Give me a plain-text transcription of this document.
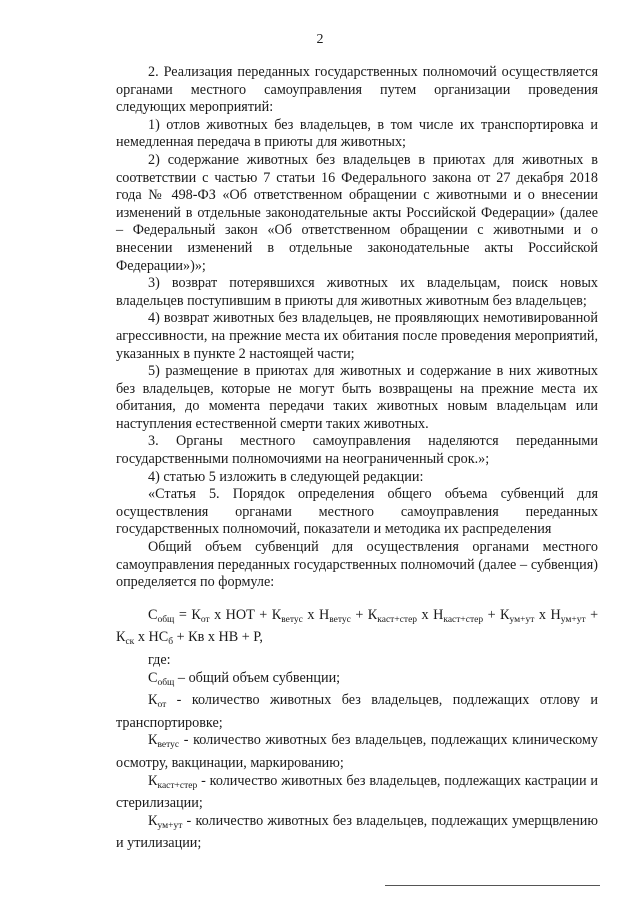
2

2. Реализация переданных государственных полномочий осуществляется органами местного самоуправления путем организации проведения следующих мероприятий:

1) отлов животных без владельцев, в том числе их транспортировка и немедленная передача в приюты для животных;

2) содержание животных без владельцев в приютах для животных в соответствии с частью 7 статьи 16 Федерального закона от 27 декабря 2018 года № 498-ФЗ «Об ответственном обращении с животными и о внесении изменений в отдельные законодательные акты Российской Федерации» (далее – Федеральный закон «Об ответственном обращении с животными и о внесении изменений в отдельные законодательные акты Российской Федерации»)»;

3) возврат потерявшихся животных их владельцам, поиск новых владельцев поступившим в приюты для животных животным без владельцев;

4) возврат животных без владельцев, не проявляющих немотивированной агрессивности, на прежние места их обитания после проведения мероприятий, указанных в пункте 2 настоящей части;

5) размещение в приютах для животных и содержание в них животных без владельцев, которые не могут быть возвращены на прежние места их обитания, до момента передачи таких животных новым владельцам или наступления естественной смерти таких животных.

3. Органы местного самоуправления наделяются переданными государственными полномочиями на неограниченный срок.»;

4) статью 5 изложить в следующей редакции:

«Статья 5. Порядок определения общего объема субвенций для осуществления органами местного самоуправления переданных государственных полномочий, показатели и методика их распределения

Общий объем субвенций для осуществления органами местного самоуправления переданных государственных полномочий (далее – субвенция) определяется по формуле:

$С_{общ} = К_{от}$ х НОТ + $К_{ветус}$ х $Н_{ветус} + К_{каст+стер}$ х $Н_{каст+стер} + К_{ум+ут}$ х $Н_{ум+ут} + К_{ск}$ х $НС_б$ + Кв х НВ + Р,

где:

$С_{общ}$ – общий объем субвенции;

$К_{от}$ - количество животных без владельцев, подлежащих отлову и транспортировке;

$К_{ветус}$ - количество животных без владельцев, подлежащих клиническому осмотру, вакцинации, маркированию;

$К_{каст+стер}$ - количество животных без владельцев, подлежащих кастрации и стерилизации;

$К_{ум+ут}$ - количество животных без владельцев, подлежащих умерщвлению и утилизации;
